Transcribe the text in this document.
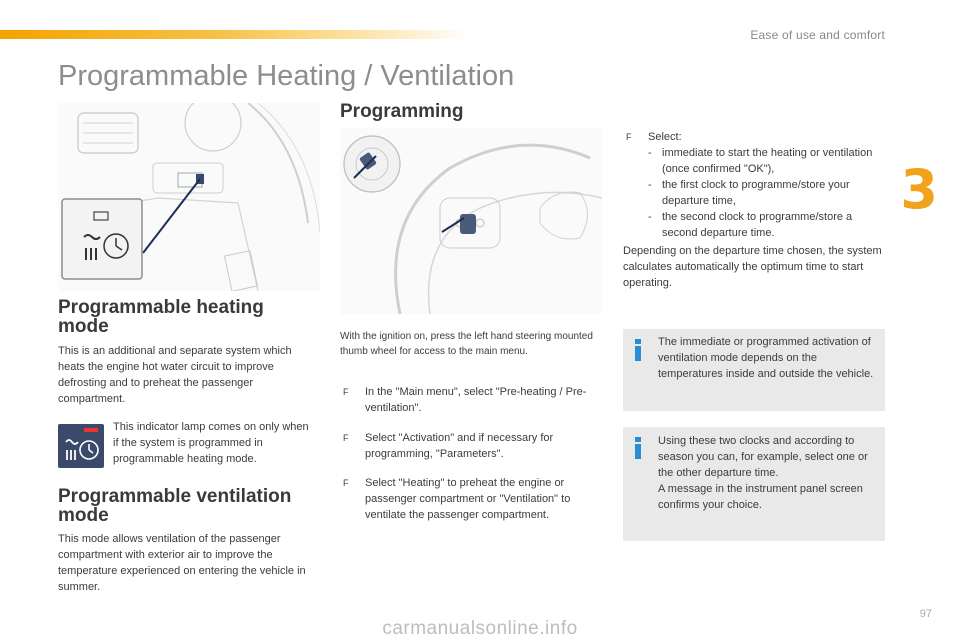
Ease of use and comfort
3
Programmable Heating / Ventilation
Programming
Programmable heating mode

This is an additional and separate system which heats the engine hot water circuit to improve defrosting and to preheat the passenger compartment.

This indicator lamp comes on only when if the system is programmed in programmable heating mode.

Programmable ventilation mode

This mode allows ventilation of the passenger compartment with exterior air to improve the temperature experienced on entering the vehicle in summer.

With the ignition on, press the left hand steering mounted thumb wheel for access to the main menu.

F	In the "Main menu", select "Pre-heating / Pre-ventilation".
F	Select "Activation" and if necessary for programming, "Parameters".
F	Select "Heating" to preheat the engine or passenger compartment or "Ventilation" to ventilate the passenger compartment.
F	Select:
- immediate to start the heating or ventilation (once confirmed "OK"),
- the first clock to programme/store your departure time,
- the second clock to programme/store a second departure time.

Depending on the departure time chosen, the system calculates automatically the optimum time to start operating.

The immediate or programmed activation of ventilation mode depends on the temperatures inside and outside the vehicle.
Using these two clocks and according to season you can, for example, select one or the other departure time.
A message in the instrument panel screen confirms your choice.
97
carmanualsonline.info
